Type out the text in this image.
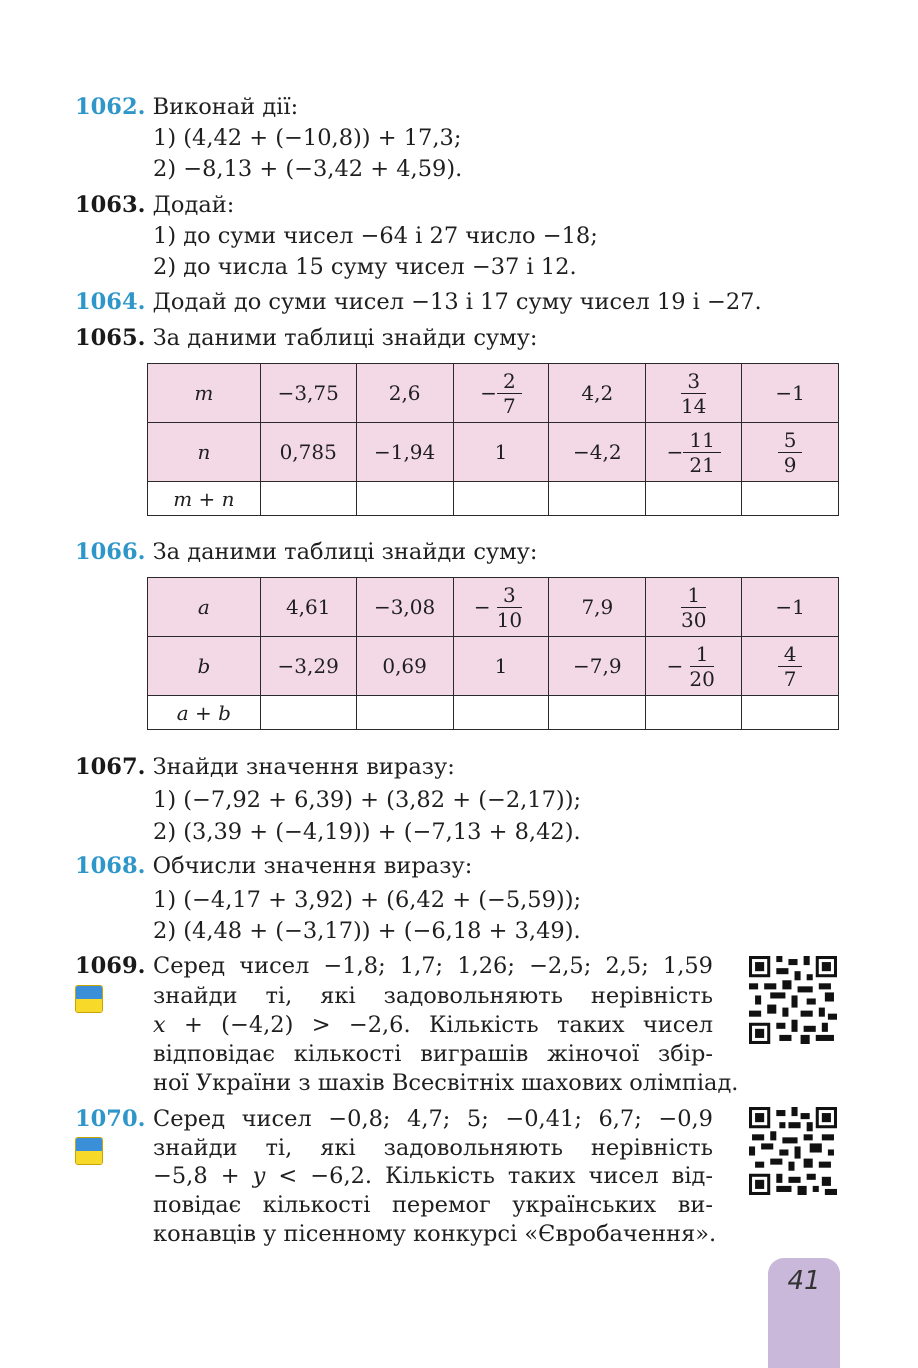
1062. Виконай дії:
1) (4,42 + (−10,8)) + 17,3;
2) −8,13 + (−3,42 + 4,59).
1063. Додай:
1) до суми чисел −64 і 27 число −18;
2) до числа 15 суму чисел −37 і 12.
1064. Додай до суми чисел −13 і 17 суму чисел 19 і −27.
1065. За даними таблиці знайди суму:
m	−3,75	2,6	− $\frac{2}{7}$	4,2	$\frac{3}{14}$	−1
n	0,785	−1,94	1	−4,2	− $\frac{11}{21}$	$\frac{5}{9}$

m + n						
1066. За даними таблиці знайди суму:
a	4,61	−3,08	− $\frac{3}{10}$	7,9	$\frac{1}{30}$	−1
b	−3,29	0,69	1	−7,9	− $\frac{1}{20}$	$\frac{4}{7}$

a + b						
1067. Знайди значення виразу:
1) (−7,92 + 6,39) + (3,82 + (−2,17));
2) (3,39 + (−4,19)) + (−7,13 + 8,42).
1068. Обчисли значення виразу:
1) (−4,17 + 3,92) + (6,42 + (−5,59));
2) (4,48 + (−3,17)) + (−6,18 + 3,49).
1069. Серед чисел −1,8; 1,7; 1,26; −2,5; 2,5; 1,59
знайди ті, які задовольняють нерівність
x + (−4,2) > −2,6. Кількість таких чисел
відповідає кількості виграшів жіночої збір-
ної України з шахів Всесвітніх шахових олімпіад.
1070. Серед чисел −0,8; 4,7; 5; −0,41; 6,7; −0,9
знайди ті, які задовольняють нерівність
−5,8 + y < −6,2. Кількість таких чисел від-
повідає кількості перемог українських ви-
конавців у пісенному конкурсі «Євробачення».
41
